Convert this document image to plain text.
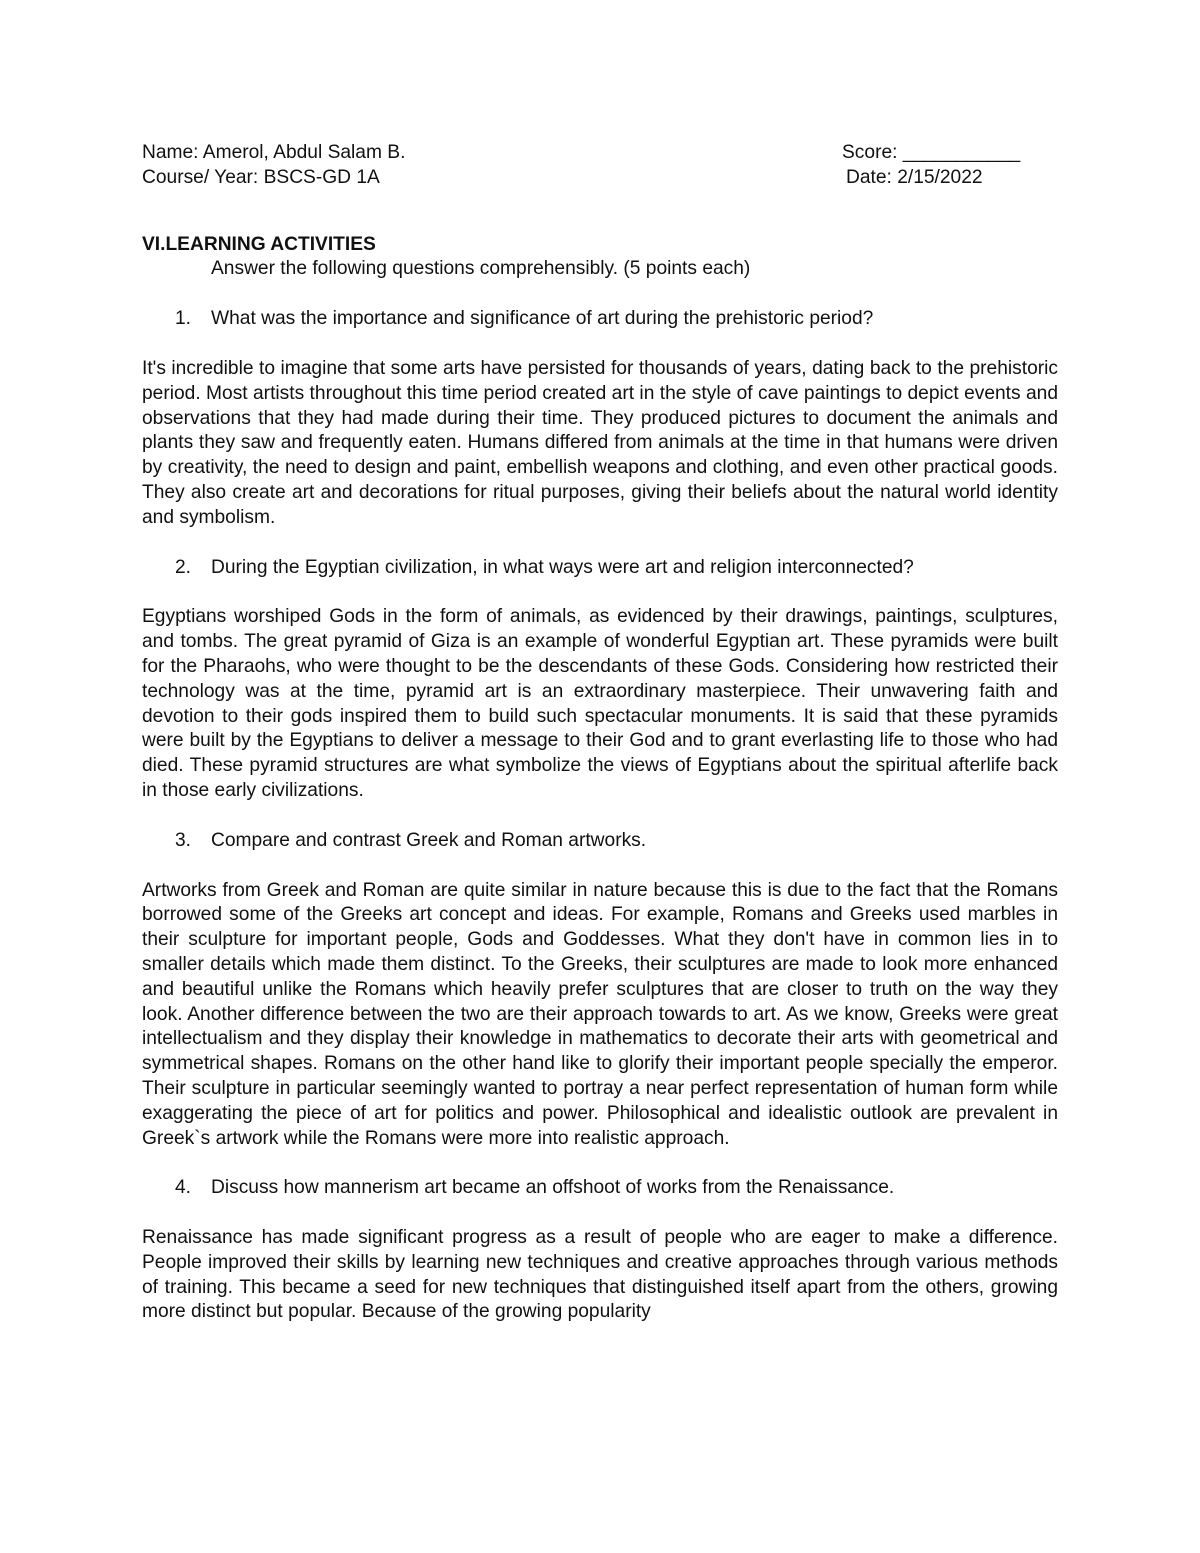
Name: Amerol, Abdul Salam B.	Score: ___________
Course/ Year: BSCS-GD 1A	Date: 2/15/2022
VI.LEARNING ACTIVITIES
Answer the following questions comprehensibly. (5 points each)
1.	What was the importance and significance of art during the prehistoric period?
It's incredible to imagine that some arts have persisted for thousands of years, dating back to the prehistoric period. Most artists throughout this time period created art in the style of cave paintings to depict events and observations that they had made during their time. They produced pictures to document the animals and plants they saw and frequently eaten. Humans differed from animals at the time in that humans were driven by creativity, the need to design and paint, embellish weapons and clothing, and even other practical goods. They also create art and decorations for ritual purposes, giving their beliefs about the natural world identity and symbolism.
2.	During the Egyptian civilization, in what ways were art and religion interconnected?
Egyptians worshiped Gods in the form of animals, as evidenced by their drawings, paintings, sculptures, and tombs. The great pyramid of Giza is an example of wonderful Egyptian art. These pyramids were built for the Pharaohs, who were thought to be the descendants of these Gods. Considering how restricted their technology was at the time, pyramid art is an extraordinary masterpiece. Their unwavering faith and devotion to their gods inspired them to build such spectacular monuments. It is said that these pyramids were built by the Egyptians to deliver a message to their God and to grant everlasting life to those who had died. These pyramid structures are what symbolize the views of Egyptians about the spiritual afterlife back in those early civilizations.
3.	Compare and contrast Greek and Roman artworks.
Artworks from Greek and Roman are quite similar in nature because this is due to the fact that the Romans borrowed some of the Greeks art concept and ideas. For example, Romans and Greeks used marbles in their sculpture for important people, Gods and Goddesses. What they don't have in common lies in to smaller details which made them distinct. To the Greeks, their sculptures are made to look more enhanced and beautiful unlike the Romans which heavily prefer sculptures that are closer to truth on the way they look. Another difference between the two are their approach towards to art. As we know, Greeks were great intellectualism and they display their knowledge in mathematics to decorate their arts with geometrical and symmetrical shapes. Romans on the other hand like to glorify their important people specially the emperor. Their sculpture in particular seemingly wanted to portray a near perfect representation of human form while exaggerating the piece of art for politics and power. Philosophical and idealistic outlook are prevalent in Greek`s artwork while the Romans were more into realistic approach.
4.	Discuss how mannerism art became an offshoot of works from the Renaissance.
Renaissance has made significant progress as a result of people who are eager to make a difference. People improved their skills by learning new techniques and creative approaches through various methods of training. This became a seed for new techniques that distinguished itself apart from the others, growing more distinct but popular. Because of the growing popularity
